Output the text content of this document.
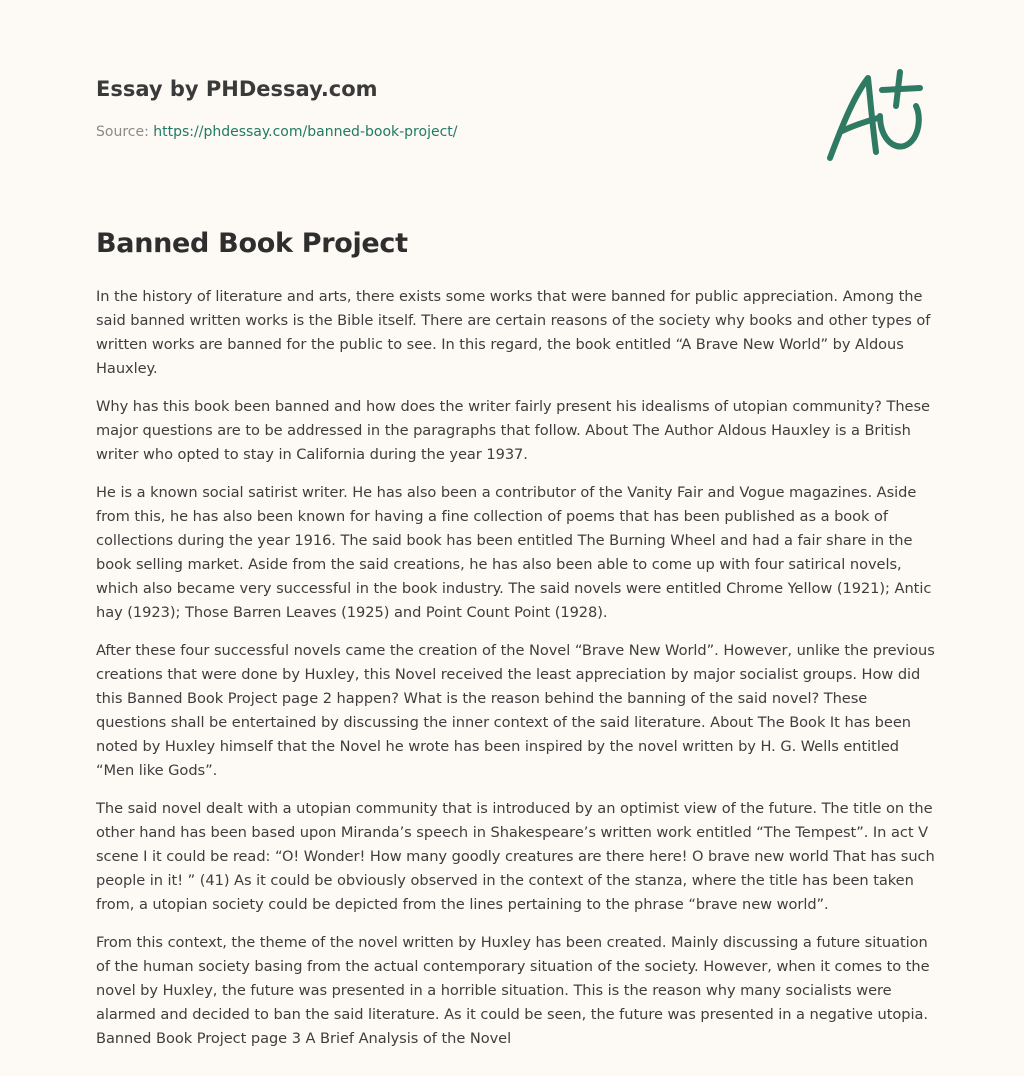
Essay by PHDessay.com
Source: https://phdessay.com/banned-book-project/
Banned Book Project

In the history of literature and arts, there exists some works that were banned for public appreciation. Among the said banned written works is the Bible itself. There are certain reasons of the society why books and other types of written works are banned for the public to see. In this regard, the book entitled “A Brave New World” by Aldous Hauxley.

Why has this book been banned and how does the writer fairly present his idealisms of utopian community? These major questions are to be addressed in the paragraphs that follow. About The Author Aldous Hauxley is a British writer who opted to stay in California during the year 1937.

He is a known social satirist writer. He has also been a contributor of the Vanity Fair and Vogue magazines. Aside from this, he has also been known for having a fine collection of poems that has been published as a book of collections during the year 1916. The said book has been entitled The Burning Wheel and had a fair share in the book selling market. Aside from the said creations, he has also been able to come up with four satirical novels, which also became very successful in the book industry. The said novels were entitled Chrome Yellow (1921); Antic hay (1923); Those Barren Leaves (1925) and Point Count Point (1928).

After these four successful novels came the creation of the Novel “Brave New World”. However, unlike the previous creations that were done by Huxley, this Novel received the least appreciation by major socialist groups. How did this Banned Book Project page 2 happen? What is the reason behind the banning of the said novel? These questions shall be entertained by discussing the inner context of the said literature. About The Book It has been noted by Huxley himself that the Novel he wrote has been inspired by the novel written by H. G. Wells entitled “Men like Gods”.

The said novel dealt with a utopian community that is introduced by an optimist view of the future. The title on the other hand has been based upon Miranda’s speech in Shakespeare’s written work entitled “The Tempest”. In act V scene I it could be read: “O! Wonder! How many goodly creatures are there here! O brave new world That has such people in it! ” (41) As it could be obviously observed in the context of the stanza, where the title has been taken from, a utopian society could be depicted from the lines pertaining to the phrase “brave new world”.

From this context, the theme of the novel written by Huxley has been created. Mainly discussing a future situation of the human society basing from the actual contemporary situation of the society. However, when it comes to the novel by Huxley, the future was presented in a horrible situation. This is the reason why many socialists were alarmed and decided to ban the said literature. As it could be seen, the future was presented in a negative utopia. Banned Book Project page 3 A Brief Analysis of the Novel
